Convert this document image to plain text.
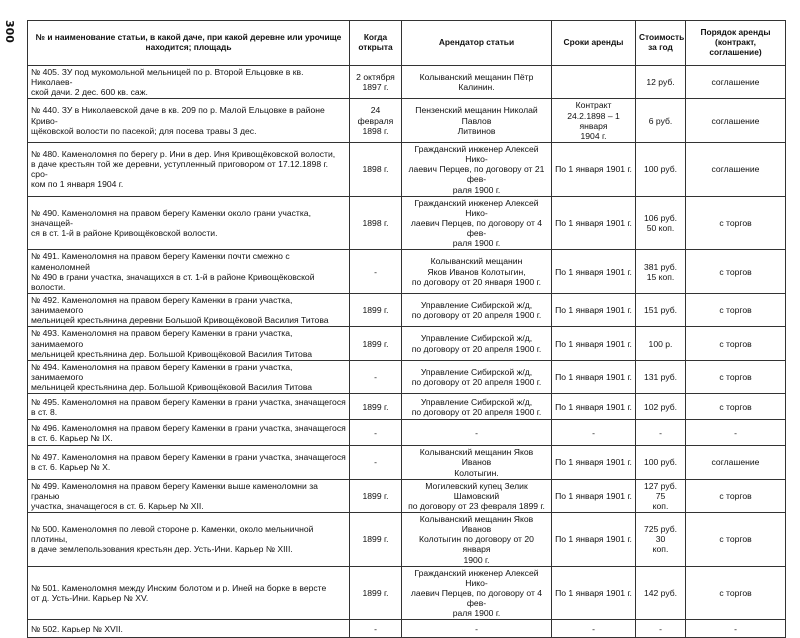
300 № и наименование статьи, в какой даче, при какой деревне или урочище находится; площадь	Когда открыта	Арендатор статьи	Сроки аренды	Стоимость за год	Порядок аренды (контракт, соглашение)
№ 405. ЗУ под мукомольной мельницей по р. Второй Ельцовке в кв. Николаев-
ской дачи. 2 дес. 600 кв. саж.	2 октября
1897 г.	Колыванский мещанин Пётр Калинин.		12 руб.	соглашение
№ 440. ЗУ в Николаевской даче в кв. 209 по р. Малой Ельцовке в районе Криво-
щёковской волости по пасекой; для посева травы 3 дес.	24 февраля
1898 г.	Пензенский мещанин Николай Павлов
Литвинов	Контракт
24.2.1898 – 1 января
1904 г.	6 руб.	соглашение
№ 480. Каменоломня по берегу р. Ини в дер. Иня Кривощёковской волости,
в дачe крестьян той же деревни, уступленный приговором от 17.12.1898 г. сро-
ком по 1 января 1904 г.	1898 г.	Гражданский инженер Алексей Нико-
лаевич Перцев, по договору от 21 фев-
раля 1900 г.	По 1 января 1901 г.	100 руб.	соглашение
№ 490. Каменоломня на правом берегу Каменки около грани участка, значащей-
ся в ст. 1-й в районе Кривощёковской волости.	1898 г.	Гражданский инженер Алексей Нико-
лаевич Перцев, по договору от 4 фев-
раля 1900 г.	По 1 января 1901 г.	106 руб.
50 коп.	с торгов
№ 491. Каменоломня на правом берегу Каменки почти смежно с каменоломней
№ 490 в грани участка, значащихся в ст. 1-й в районе Кривощёковской волости.	-	Колыванский мещанин
Яков Иванов Колотыгин,
по договору от 20 января 1900 г.	По 1 января 1901 г.	381 руб.
15 коп.	с торгов
№ 492. Каменоломня на правом берегу Каменки в грани участка, занимаемого
мельницей крестьянина деревни Большой Кривощёковой Василия Титова	1899 г.	Управление Сибирской ж/д,
по договору от 20 апреля 1900 г.	По 1 января 1901 г.	151 руб.	с торгов
№ 493. Каменоломня на правом берегу Каменки в грани участка, занимаемого
мельницей крестьянина дер. Большой Кривощёковой Василия Титова	1899 г.	Управление Сибирской ж/д,
по договору от 20 апреля 1900 г.	По 1 января 1901 г.	100 р.	с торгов
№ 494. Каменоломня на правом берегу Каменки в грани участка, занимаемого
мельницей крестьянина дер. Большой Кривощёковой Василия Титова	-	Управление Сибирской ж/д,
по договору от 20 апреля 1900 г.	По 1 января 1901 г.	131 руб.	с торгов
№ 495. Каменоломня на правом берегу Каменки в грани участка, значащегося
в ст. 8.	1899 г.	Управление Сибирской ж/д,
по договору от 20 апреля 1900 г.	По 1 января 1901 г.	102 руб.	с торгов
№ 496. Каменоломня на правом берегу Каменки в грани участка, значащегося
в ст. 6. Карьер № IX.	-	-	-	-	-
№ 497. Каменоломня на правом берегу Каменки в грани участка, значащегося
в ст. 6. Карьер № X.	-	Колыванский мещанин Яков Иванов
Колотыгин.	По 1 января 1901 г.	100 руб.	соглашение
№ 499. Каменоломня на правом берегу Каменки выше каменоломни за гранью
участка, значащегося в ст. 6. Карьер № XII.	1899 г.	Могилевский купец Зелик Шамовский
по договору от 23 февраля 1899 г.	По 1 января 1901 г.	127 руб. 75
коп.	с торгов
№ 500. Каменоломня по левой стороне р. Каменки, около мельничной плотины,
в дачe землепользования крестьян дер. Усть-Ини. Карьер № XIII.	1899 г.	Колыванский мещанин Яков Иванов
Колотыгин по договору от 20 января
1900 г.	По 1 января 1901 г.	725 руб. 30
коп.	с торгов
№ 501. Каменоломня между Инским болотом и р. Иней на борке в версте
от д. Усть-Ини. Карьер № XV.	1899 г.	Гражданский инженер Алексей Нико-
лаевич Перцев, по договору от 4 фев-
раля 1900 г.	По 1 января 1901 г.	142 руб.	с торгов
№ 502. Карьер № XVII.	-	-	-	-	-
